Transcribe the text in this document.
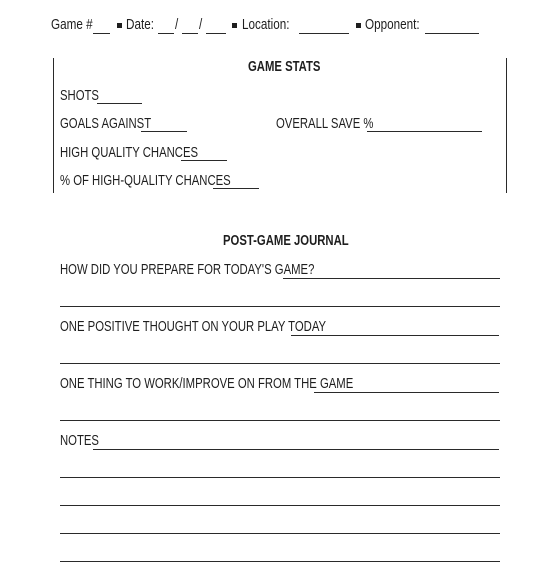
Game #	Date:	/ /	Location:	Opponent:
GAME STATS
SHOTS
GOALS AGAINST	OVERALL SAVE %
HIGH QUALITY CHANCES
% OF HIGH-QUALITY CHANCES
POST-GAME JOURNAL
HOW DID YOU PREPARE FOR TODAY'S GAME?
ONE POSITIVE THOUGHT ON YOUR PLAY TODAY
ONE THING TO WORK/IMPROVE ON FROM THE GAME
NOTES
